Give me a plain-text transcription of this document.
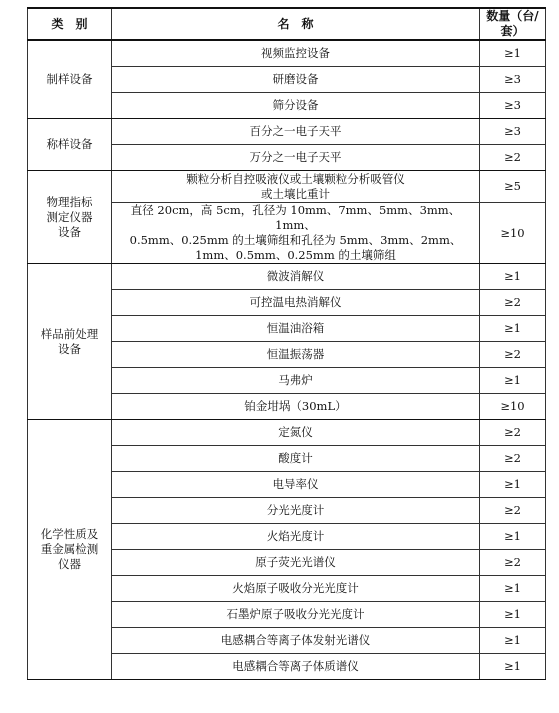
类　别	名　称	数量（台/套）
制样设备	视频监控设备	≥1
	研磨设备	≥3
	筛分设备	≥3
称样设备	百分之一电子天平	≥3
	万分之一电子天平	≥2
物理指标
测定仪器
设备	颗粒分析自控吸液仪或土壤颗粒分析吸管仪
或土壤比重计	≥5
	直径 20cm，高 5cm，孔径为 10mm、7mm、5mm、3mm、1mm、
0.5mm、0.25mm 的土壤筛组和孔径为 5mm、3mm、2mm、
1mm、0.5mm、0.25mm 的土壤筛组	≥10
样品前处理
设备	微波消解仪	≥1
	可控温电热消解仪	≥2
	恒温油浴箱	≥1
	恒温振荡器	≥2
	马弗炉	≥1
	铂金坩埚（30mL）	≥10
化学性质及
重金属检测
仪器	定氮仪	≥2
	酸度计	≥2
	电导率仪	≥1
	分光光度计	≥2
	火焰光度计	≥1
	原子荧光光谱仪	≥2
	火焰原子吸收分光光度计	≥1
	石墨炉原子吸收分光光度计	≥1
	电感耦合等离子体发射光谱仪	≥1
	电感耦合等离子体质谱仪	≥1
